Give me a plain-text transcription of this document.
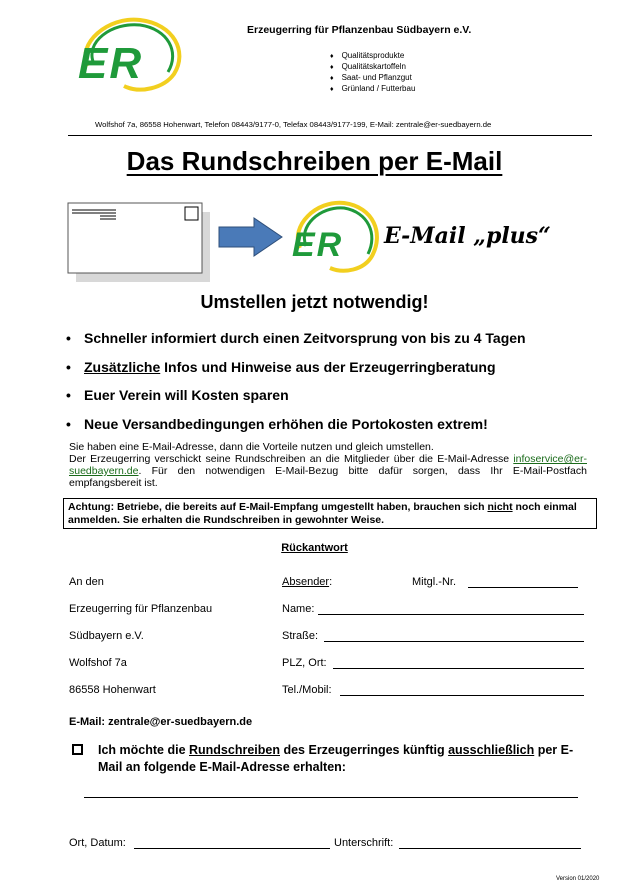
ER
Erzeugerring für Pflanzenbau Südbayern e.V.
♦ Qualitätsprodukte
♦ Qualitätskartoffeln
♦ Saat- und Pflanzgut
♦ Grünland / Futterbau
Wolfshof 7a, 86558 Hohenwart, Telefon 08443/9177-0, Telefax 08443/9177-199, E-Mail: zentrale@er-suedbayern.de
Das Rundschreiben per E-Mail
ER E-Mail „plus“
Umstellen jetzt notwendig!
• Schneller informiert durch einen Zeitvorsprung von bis zu 4 Tagen
• Zusätzliche Infos und Hinweise aus der Erzeugerringberatung
• Euer Verein will Kosten sparen
• Neue Versandbedingungen erhöhen die Portokosten extrem!

Sie haben eine E-Mail-Adresse, dann die Vorteile nutzen und gleich umstellen.

Der Erzeugerring verschickt seine Rundschreiben an die Mitglieder über die E-Mail-Adresse infoservice@er-suedbayern.de. Für den notwendigen E-Mail-Bezug bitte dafür sorgen, dass Ihr E-Mail-Postfach empfangsbereit ist.

Achtung: Betriebe, die bereits auf E-Mail-Empfang umgestellt haben, brauchen sich nicht noch einmal anmelden. Sie erhalten die Rundschreiben in gewohnter Weise.
Rückantwort
An den
Erzeugerring für Pflanzenbau
Südbayern e.V.
Wolfshof 7a
86558 Hohenwart
Absender:	Mitgl.-Nr.
Name:
Straße:
PLZ, Ort:
Tel./Mobil:
E-Mail: zentrale@er-suedbayern.de
Ich möchte die Rundschreiben des Erzeugerringes künftig ausschließlich per E-Mail an folgende E-Mail-Adresse erhalten:
Ort, Datum:	Unterschrift:
Version 01/2020
